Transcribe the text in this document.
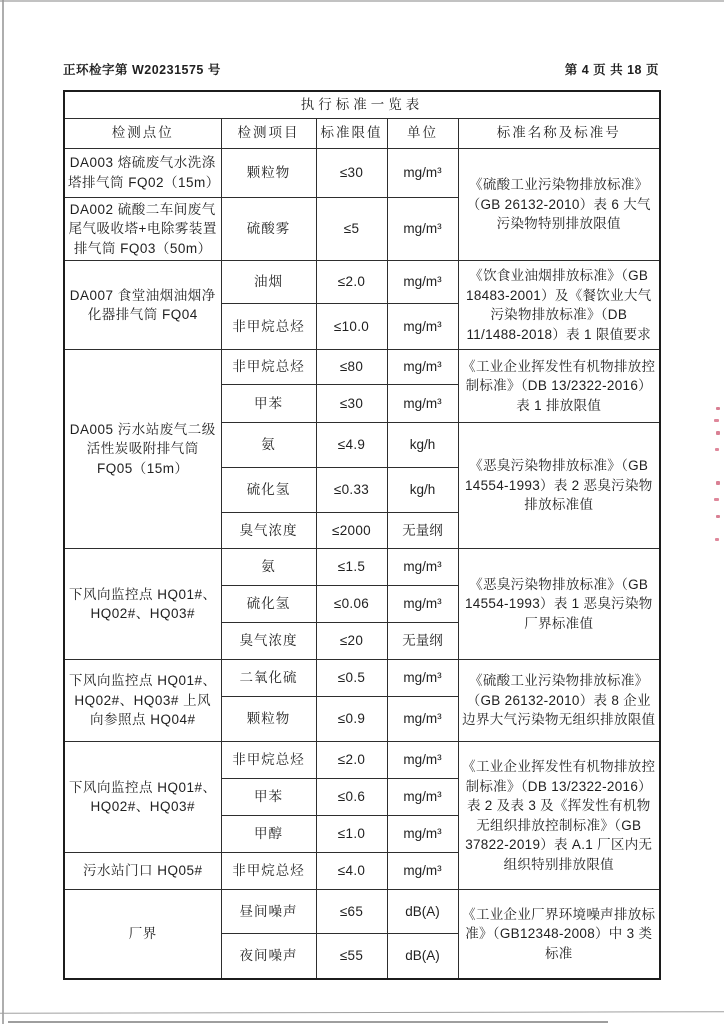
正环检字第 W20231575 号	第 4 页 共 18 页
执行标准一览表				
检测点位	检测项目	标准限值	单位	标准名称及标准号
DA003 熔硫废气水洗涤塔排气筒 FQ02（15m）	颗粒物	≤30	mg/m³	《硫酸工业污染物排放标准》（GB 26132-2010）表 6 大气污染物特别排放限值
DA002 硫酸二车间废气尾气吸收塔+电除雾装置排气筒 FQ03（50m）	硫酸雾	≤5	mg/m³	
DA007 食堂油烟油烟净化器排气筒 FQ04	油烟	≤2.0	mg/m³	《饮食业油烟排放标准》（GB 18483-2001）及《餐饮业大气污染物排放标准》（DB 11/1488-2018）表 1 限值要求
	非甲烷总烃	≤10.0	mg/m³	
DA005 污水站废气二级活性炭吸附排气筒 FQ05（15m）	非甲烷总烃	≤80	mg/m³	《工业企业挥发性有机物排放控制标准》（DB 13/2322-2016）表 1 排放限值
	甲苯	≤30	mg/m³	
	氨	≤4.9	kg/h	《恶臭污染物排放标准》（GB 14554-1993）表 2 恶臭污染物排放标准值
	硫化氢	≤0.33	kg/h	
	臭气浓度	≤2000	无量纲	
下风向监控点 HQ01#、HQ02#、HQ03#	氨	≤1.5	mg/m³	《恶臭污染物排放标准》（GB 14554-1993）表 1 恶臭污染物厂界标准值
	硫化氢	≤0.06	mg/m³	
	臭气浓度	≤20	无量纲	
下风向监控点 HQ01#、HQ02#、HQ03# 上风向参照点 HQ04#	二氧化硫	≤0.5	mg/m³	《硫酸工业污染物排放标准》（GB 26132-2010）表 8 企业边界大气污染物无组织排放限值
	颗粒物	≤0.9	mg/m³	
下风向监控点 HQ01#、HQ02#、HQ03#	非甲烷总烃	≤2.0	mg/m³	《工业企业挥发性有机物排放控制标准》（DB 13/2322-2016）表 2 及表 3 及《挥发性有机物无组织排放控制标准》（GB 37822-2019）表 A.1 厂区内无组织特别排放限值
	甲苯	≤0.6	mg/m³	
	甲醇	≤1.0	mg/m³	
污水站门口 HQ05#	非甲烷总烃	≤4.0	mg/m³	
厂界	昼间噪声	≤65	dB(A)	《工业企业厂界环境噪声排放标准》（GB12348-2008）中 3 类标准
	夜间噪声	≤55	dB(A)	
